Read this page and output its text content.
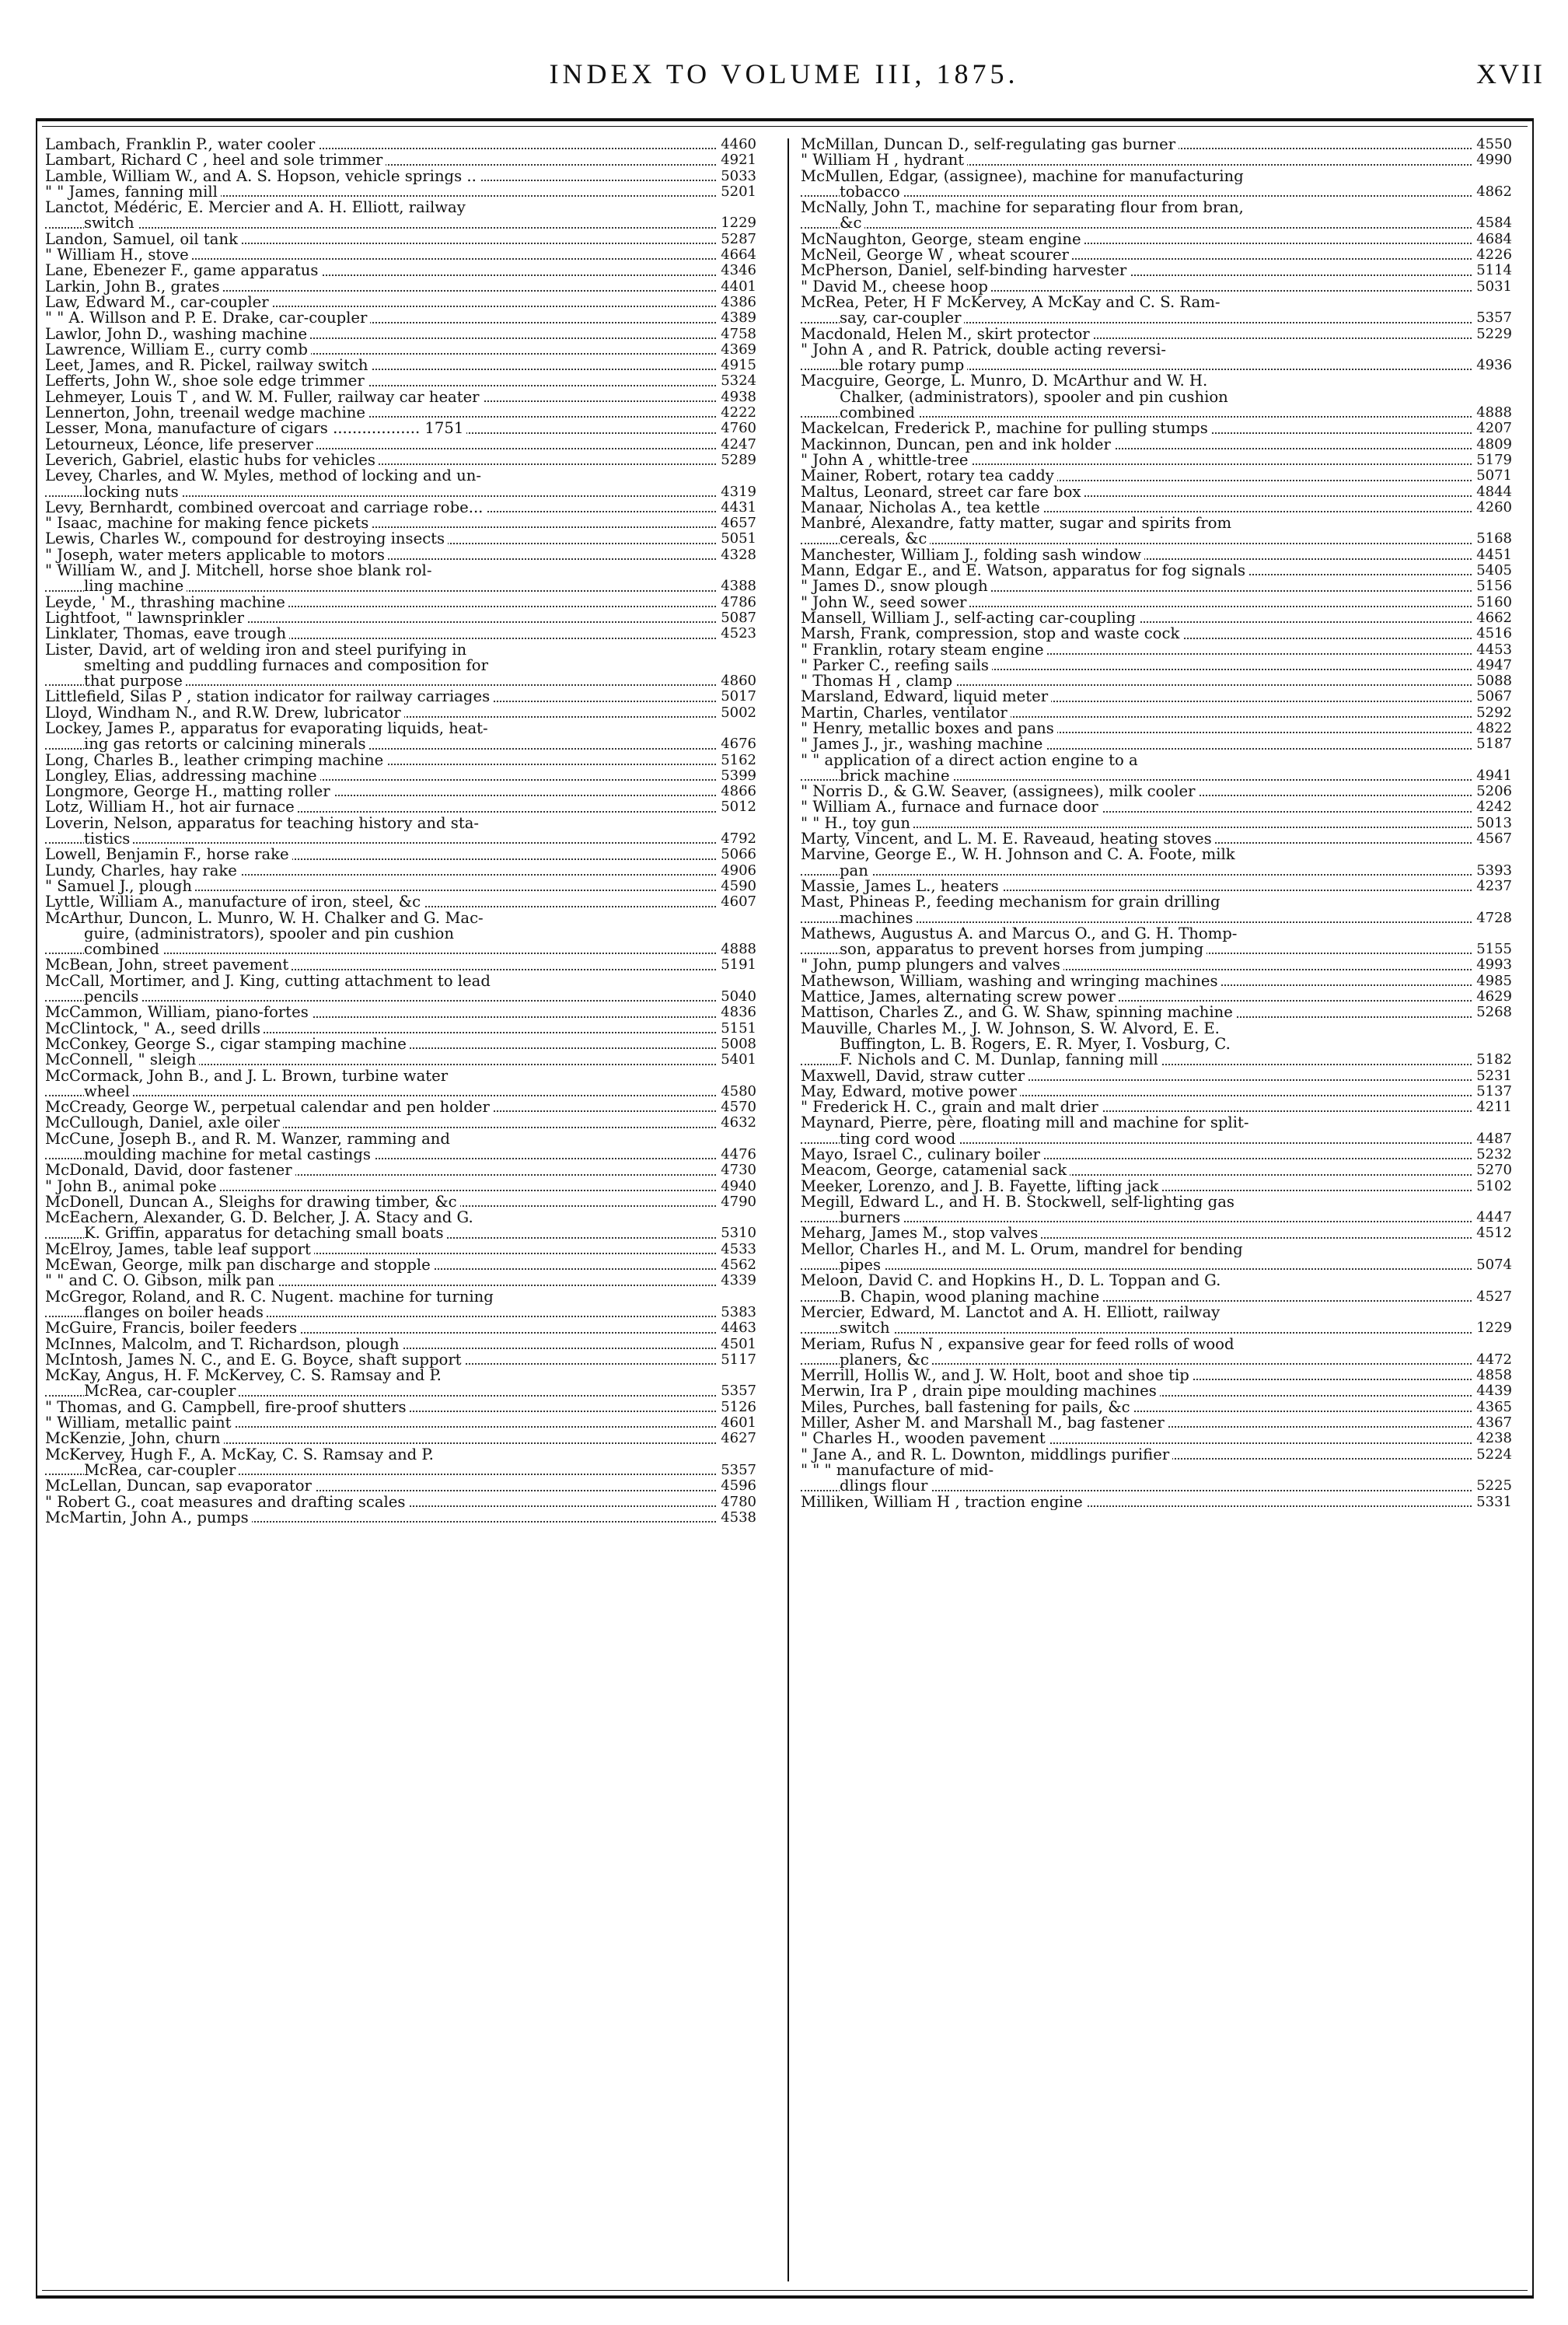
INDEX TO VOLUME III, 1875.	XVII
Lambach, Franklin P., water cooler	4460
Lambart, Richard C , heel and sole trimmer	4921
Lamble, William W., and A. S. Hopson, vehicle springs ..	5033
" " James, fanning mill	5201
Lanctot, Médéric, E. Mercier and A. H. Elliott, railway
switch	1229
Landon, Samuel, oil tank	5287
" William H., stove	4664
Lane, Ebenezer F., game apparatus	4346
Larkin, John B., grates	4401
Law, Edward M., car-coupler	4386
" " A. Willson and P. E. Drake, car-coupler	4389
Lawlor, John D., washing machine	4758
Lawrence, William E., curry comb	4369
Leet, James, and R. Pickel, railway switch	4915
Lefferts, John W., shoe sole edge trimmer	5324
Lehmeyer, Louis T , and W. M. Fuller, railway car heater	4938
Lennerton, John, treenail wedge machine	4222
Lesser, Mona, manufacture of cigars .................. 1751	4760
Letourneux, Léonce, life preserver	4247
Leverich, Gabriel, elastic hubs for vehicles	5289
Levey, Charles, and W. Myles, method of locking and un-
locking nuts	4319
Levy, Bernhardt, combined overcoat and carriage robe...	4431
" Isaac, machine for making fence pickets	4657
Lewis, Charles W., compound for destroying insects	5051
" Joseph, water meters applicable to motors	4328
" William W., and J. Mitchell, horse shoe blank rol-
ling machine	4388
Leyde, ' M., thrashing machine	4786
Lightfoot, " lawnsprinkler	5087
Linklater, Thomas, eave trough	4523
Lister, David, art of welding iron and steel purifying in
smelting and puddling furnaces and composition for
that purpose	4860
Littlefield, Silas P , station indicator for railway carriages	5017
Lloyd, Windham N., and R.W. Drew, lubricator	5002
Lockey, James P., apparatus for evaporating liquids, heat-
ing gas retorts or calcining minerals	4676
Long, Charles B., leather crimping machine	5162
Longley, Elias, addressing machine	5399
Longmore, George H., matting roller	4866
Lotz, William H., hot air furnace	5012
Loverin, Nelson, apparatus for teaching history and sta-
tistics	4792
Lowell, Benjamin F., horse rake	5066
Lundy, Charles, hay rake	4906
" Samuel J., plough	4590
Lyttle, William A., manufacture of iron, steel, &c	4607
McArthur, Duncon, L. Munro, W. H. Chalker and G. Mac-
guire, (administrators), spooler and pin cushion
combined	4888
McBean, John, street pavement	5191
McCall, Mortimer, and J. King, cutting attachment to lead
pencils	5040
McCammon, William, piano-fortes	4836
McClintock, " A., seed drills	5151
McConkey, George S., cigar stamping machine	5008
McConnell, " sleigh	5401
McCormack, John B., and J. L. Brown, turbine water
wheel	4580
McCready, George W., perpetual calendar and pen holder	4570
McCullough, Daniel, axle oiler	4632
McCune, Joseph B., and R. M. Wanzer, ramming and
moulding machine for metal castings	4476
McDonald, David, door fastener	4730
" John B., animal poke	4940
McDonell, Duncan A., Sleighs for drawing timber, &c	4790
McEachern, Alexander, G. D. Belcher, J. A. Stacy and G.
K. Griffin, apparatus for detaching small boats	5310
McElroy, James, table leaf support	4533
McEwan, George, milk pan discharge and stopple	4562
" " and C. O. Gibson, milk pan	4339
McGregor, Roland, and R. C. Nugent. machine for turning
flanges on boiler heads	5383
McGuire, Francis, boiler feeders	4463
McInnes, Malcolm, and T. Richardson, plough	4501
McIntosh, James N. C., and E. G. Boyce, shaft support	5117
McKay, Angus, H. F. McKervey, C. S. Ramsay and P.
McRea, car-coupler	5357
" Thomas, and G. Campbell, fire-proof shutters	5126
" William, metallic paint	4601
McKenzie, John, churn	4627
McKervey, Hugh F., A. McKay, C. S. Ramsay and P.
McRea, car-coupler	5357
McLellan, Duncan, sap evaporator	4596
" Robert G., coat measures and drafting scales	4780
McMartin, John A., pumps	4538
McMillan, Duncan D., self-regulating gas burner	4550
" William H , hydrant	4990
McMullen, Edgar, (assignee), machine for manufacturing
tobacco	4862
McNally, John T., machine for separating flour from bran,
&c	4584
McNaughton, George, steam engine	4684
McNeil, George W , wheat scourer	4226
McPherson, Daniel, self-binding harvester	5114
" David M., cheese hoop	5031
McRea, Peter, H F McKervey, A McKay and C. S. Ram-
say, car-coupler	5357
Macdonald, Helen M., skirt protector	5229
" John A , and R. Patrick, double acting reversi-
ble rotary pump	4936
Macguire, George, L. Munro, D. McArthur and W. H.
Chalker, (administrators), spooler and pin cushion
combined	4888
Mackelcan, Frederick P., machine for pulling stumps	4207
Mackinnon, Duncan, pen and ink holder	4809
" John A , whittle-tree	5179
Mainer, Robert, rotary tea caddy	5071
Maltus, Leonard, street car fare box	4844
Manaar, Nicholas A., tea kettle	4260
Manbré, Alexandre, fatty matter, sugar and spirits from
cereals, &c	5168
Manchester, William J., folding sash window	4451
Mann, Edgar E., and E. Watson, apparatus for fog signals	5405
" James D., snow plough	5156
" John W., seed sower	5160
Mansell, William J., self-acting car-coupling	4662
Marsh, Frank, compression, stop and waste cock	4516
" Franklin, rotary steam engine	4453
" Parker C., reefing sails	4947
" Thomas H , clamp	5088
Marsland, Edward, liquid meter	5067
Martin, Charles, ventilator	5292
" Henry, metallic boxes and pans	4822
" James J., jr., washing machine	5187
" " application of a direct action engine to a
brick machine	4941
" Norris D., & G.W. Seaver, (assignees), milk cooler	5206
" William A., furnace and furnace door	4242
" " H., toy gun	5013
Marty, Vincent, and L. M. E. Raveaud, heating stoves	4567
Marvine, George E., W. H. Johnson and C. A. Foote, milk
pan	5393
Massie, James L., heaters	4237
Mast, Phineas P., feeding mechanism for grain drilling
machines	4728
Mathews, Augustus A. and Marcus O., and G. H. Thomp-
son, apparatus to prevent horses from jumping	5155
" John, pump plungers and valves	4993
Mathewson, William, washing and wringing machines	4985
Mattice, James, alternating screw power	4629
Mattison, Charles Z., and G. W. Shaw, spinning machine	5268
Mauville, Charles M., J. W. Johnson, S. W. Alvord, E. E.
Buffington, L. B. Rogers, E. R. Myer, I. Vosburg, C.
F. Nichols and C. M. Dunlap, fanning mill	5182
Maxwell, David, straw cutter	5231
May, Edward, motive power	5137
" Frederick H. C., grain and malt drier	4211
Maynard, Pierre, père, floating mill and machine for split-
ting cord wood	4487
Mayo, Israel C., culinary boiler	5232
Meacom, George, catamenial sack	5270
Meeker, Lorenzo, and J. B. Fayette, lifting jack	5102
Megill, Edward L., and H. B. Stockwell, self-lighting gas
burners	4447
Meharg, James M., stop valves	4512
Mellor, Charles H., and M. L. Orum, mandrel for bending
pipes	5074
Meloon, David C. and Hopkins H., D. L. Toppan and G.
B. Chapin, wood planing machine	4527
Mercier, Edward, M. Lanctot and A. H. Elliott, railway
switch	1229
Meriam, Rufus N , expansive gear for feed rolls of wood
planers, &c	4472
Merrill, Hollis W., and J. W. Holt, boot and shoe tip	4858
Merwin, Ira P , drain pipe moulding machines	4439
Miles, Purches, ball fastening for pails, &c	4365
Miller, Asher M. and Marshall M., bag fastener	4367
" Charles H., wooden pavement	4238
" Jane A., and R. L. Downton, middlings purifier	5224
" " " manufacture of mid-
dlings flour	5225
Milliken, William H , traction engine	5331
